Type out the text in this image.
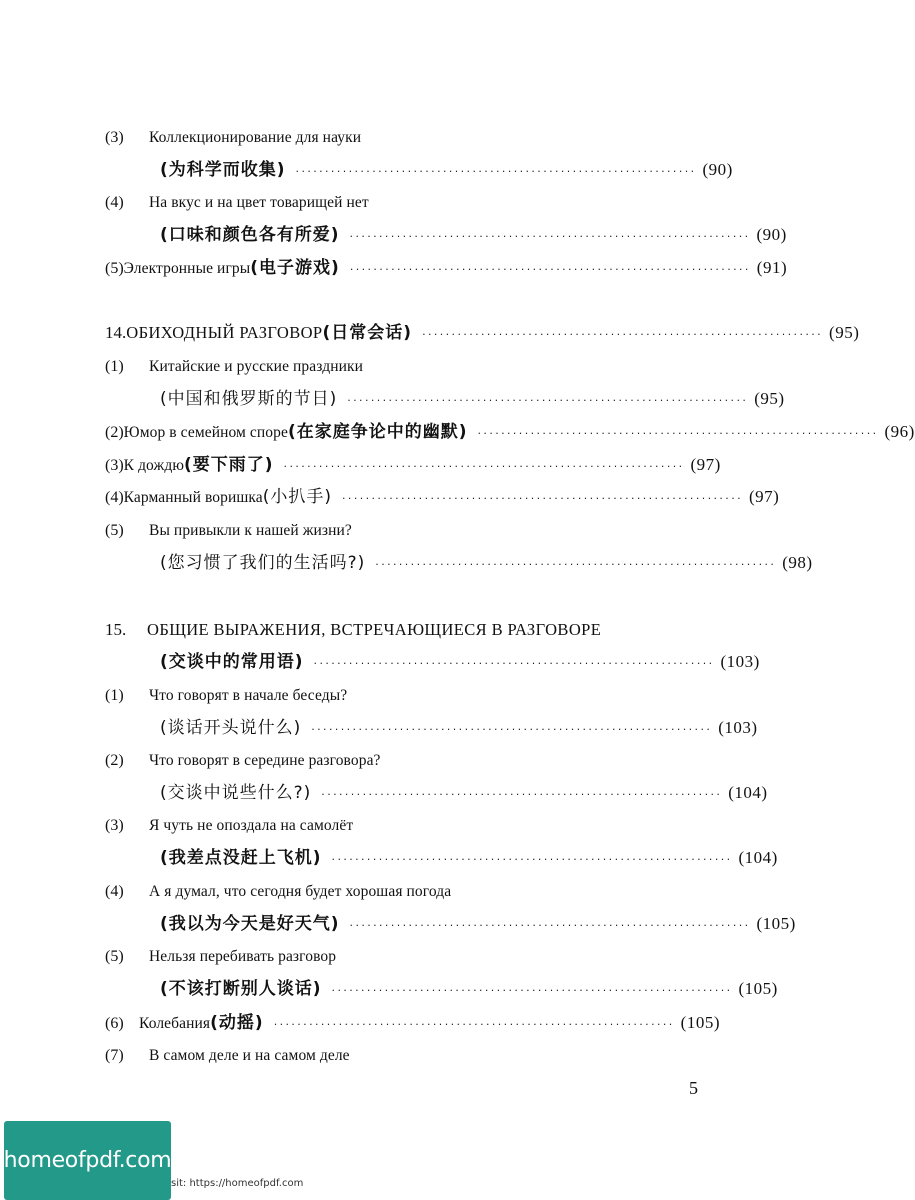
(3)	Коллекционирование для науки
(为科学而收集) ···································································· (90)
(4)	На вкус и на цвет товарищей нет
(口味和颜色各有所爱) ···································································· (90)
(5) Электронные игры (电子游戏) ···································································· (91)
14. ОБИХОДНЫЙ РАЗГОВОР (日常会话) ···································································· (95)
(1)	Китайские и русские праздники
(中国和俄罗斯的节日) ···································································· (95)
(2) Юмор в семейном споре (在家庭争论中的幽默) ···································································· (96)
(3) К дождю (要下雨了) ···································································· (97)
(4) Карманный воришка (小扒手) ···································································· (97)
(5)	Вы привыкли к нашей жизни?
(您习惯了我们的生活吗?) ···································································· (98)
15.	ОБЩИЕ ВЫРАЖЕНИЯ, ВСТРЕЧАЮЩИЕСЯ В РАЗГОВОРЕ
(交谈中的常用语) ···································································· (103)
(1)	Что говорят в начале беседы?
(谈话开头说什么) ···································································· (103)
(2)	Что говорят в середине разговора?
(交谈中说些什么?) ···································································· (104)
(3)	Я чуть не опоздала на самолёт
(我差点没赶上飞机) ···································································· (104)
(4)	А я думал, что сегодня будет хорошая погода
(我以为今天是好天气) ···································································· (105)
(5)	Нельзя перебивать разговор
(不该打断别人谈话) ···································································· (105)
(6) Колебания (动摇) ···································································· (105)
(7)	В самом деле и на самом деле
5
homeofpdf.com
sit: https://homeofpdf.com
